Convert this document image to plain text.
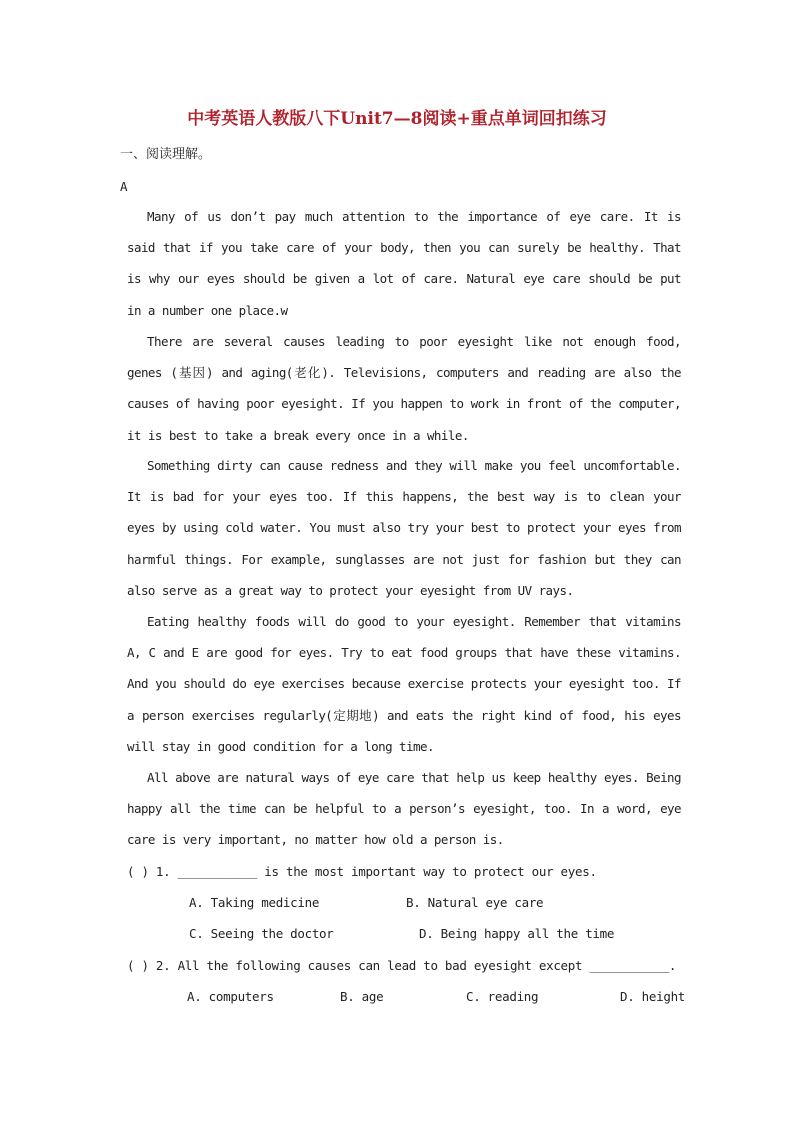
中考英语人教版八下Unit7—8阅读+重点单词回扣练习
一、阅读理解。
A
Many of us don’t pay much attention to the importance of eye care. It is said that if you take care of your body, then you can surely be healthy. That is why our eyes should be given a lot of care. Natural eye care should be put in a number one place.w
There are several causes leading to poor eyesight like not enough food, genes (基因) and aging(老化). Televisions, computers and reading are also the causes of having poor eyesight. If you happen to work in front of the computer, it is best to take a break every once in a while.
Something dirty can cause redness and they will make you feel uncomfortable. It is bad for your eyes too. If this happens, the best way is to clean your eyes by using cold water. You must also try your best to protect your eyes from harmful things. For example, sunglasses are not just for fashion but they can also serve as a great way to protect your eyesight from UV rays.
Eating healthy foods will do good to your eyesight. Remember that vitamins A, C and E are good for eyes. Try to eat food groups that have these vitamins. And you should do eye exercises because exercise protects your eyesight too. If a person exercises regularly(定期地) and eats the right kind of food, his eyes will stay in good condition for a long time.
All above are natural ways of eye care that help us keep healthy eyes. Being happy all the time can be helpful to a person’s eyesight, too. In a word, eye care is very important, no matter how old a person is.
( ) 1. ___________ is the most important way to protect our eyes.
A. Taking medicine	B. Natural eye care
C. Seeing the doctor	D. Being happy all the time
( ) 2. All the following causes can lead to bad eyesight except ___________.
A. computers	B. age	C. reading	D. height
